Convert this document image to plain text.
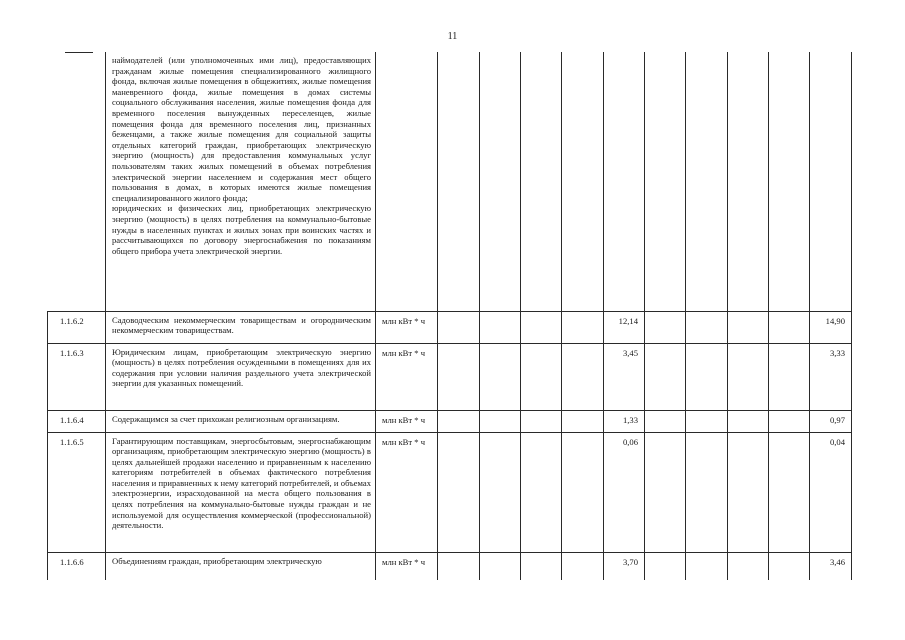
11

	наймодателей (или уполномоченных ими лиц), предоставляющих гражданам жилые помещения специализированного жилищного фонда, включая жилые помещения в общежитиях, жилые помещения маневренного фонда, жилые помещения в домах системы социального обслуживания населения, жилые помещения фонда для временного поселения вынужденных переселенцев, жилые помещения фонда для временного поселения лиц, признанных беженцами, а также жилые помещения для социальной защиты отдельных категорий граждан, приобретающих электрическую энергию (мощность) для предоставления коммунальных услуг пользователям таких жилых помещений в объемах потребления электрической энергии населением и содержания мест общего пользования в домах, в которых имеются жилые помещения специализированного жилого фонда;
юридических и физических лиц, приобретающих электрическую энергию (мощность) в целях потребления на коммунально-бытовые нужды в населенных пунктах и жилых зонах при воинских частях и рассчитывающихся по договору энергоснабжения по показаниям общего прибора учета электрической энергии.											

1.1.6.2	Садоводческим некоммерческим товариществам и огородническим некоммерческим товариществам.	млн кВт * ч					12,14					14,90
1.1.6.3	Юридическим лицам, приобретающим электрическую энергию (мощность) в целях потребления осужденными в помещениях для их содержания при условии наличия раздельного учета электрической энергии для указанных помещений.	млн кВт * ч					3,45					3,33
1.1.6.4	Содержащимся за счет прихожан религиозным организациям.	млн кВт * ч					1,33					0,97
1.1.6.5	Гарантирующим поставщикам, энергосбытовым, энергоснабжающим организациям, приобретающим электрическую энергию (мощность) в целях дальнейшей продажи населению и приравненным к населению категориям потребителей в объемах фактического потребления населения и приравненных к нему категорий потребителей, и объемах электроэнергии, израсходованной на места общего пользования в целях потребления на коммунально-бытовые нужды граждан и не используемой для осуществления коммерческой (профессиональной) деятельности.	млн кВт * ч					0,06					0,04
1.1.6.6	Объединениям граждан, приобретающим электрическую	млн кВт * ч					3,70					3,46
